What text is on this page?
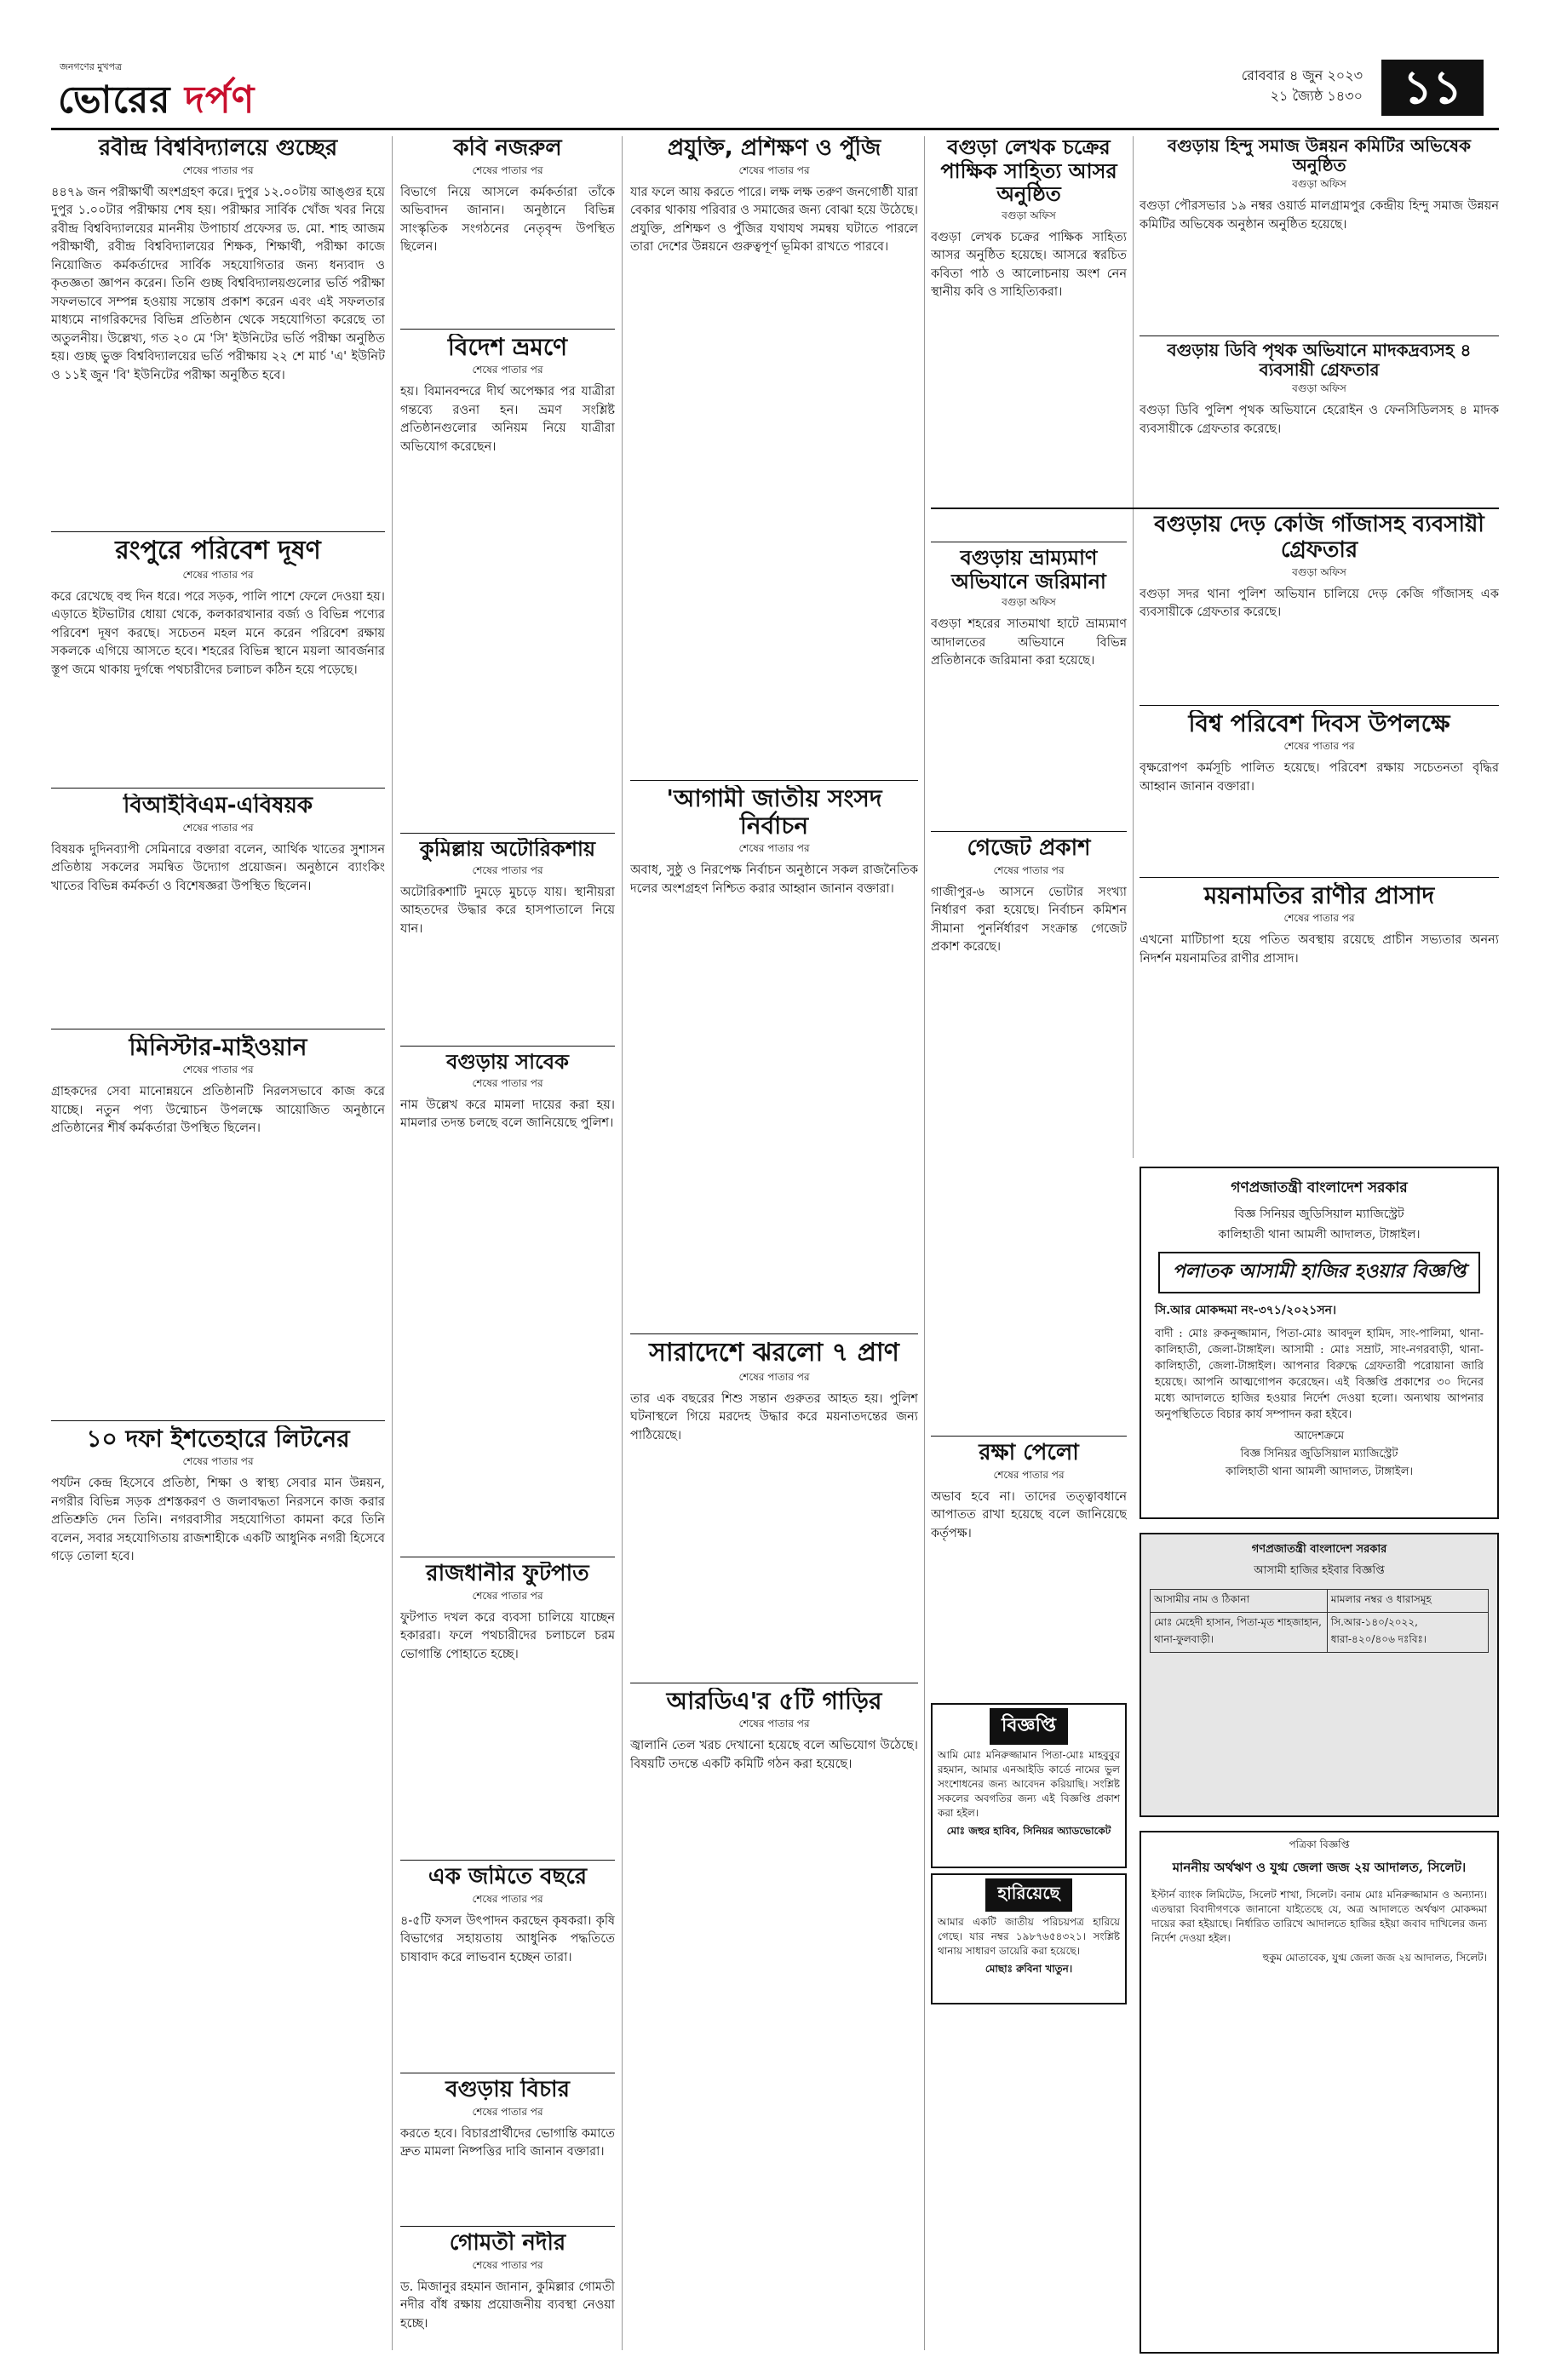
জনগণের মুখপত্র
ভোরের দর্পণ
রোববার ৪ জুন ২০২৩
২১ জ্যৈষ্ঠ ১৪৩০ ১১
রবীন্দ্র বিশ্ববিদ্যালয়ে গুচ্ছের

শেষের পাতার পর

৪৪৭৯ জন পরীক্ষার্থী অংশগ্রহণ করে। দুপুর ১২.০০টায় আঙ্গুর হয়ে দুপুর ১.০০টার পরীক্ষায় শেষ হয়। পরীক্ষার সার্বিক খোঁজ খবর নিয়ে রবীন্দ্র বিশ্ববিদ্যালয়ের মাননীয় উপাচার্য প্রফেসর ড. মো. শাহ আজম পরীক্ষার্থী, রবীন্দ্র বিশ্ববিদ্যালয়ের শিক্ষক, শিক্ষার্থী, পরীক্ষা কাজে নিয়োজিত কর্মকর্তাদের সার্বিক সহযোগিতার জন্য ধন্যবাদ ও কৃতজ্ঞতা জ্ঞাপন করেন। তিনি গুচ্ছ বিশ্ববিদ্যালয়গুলোর ভর্তি পরীক্ষা সফলভাবে সম্পন্ন হওয়ায় সন্তোষ প্রকাশ করেন এবং এই সফলতার মাধ্যমে নাগরিকদের বিভিন্ন প্রতিষ্ঠান থেকে সহযোগিতা করেছে তা অতুলনীয়। উল্লেখ্য, গত ২০ মে 'সি' ইউনিটের ভর্তি পরীক্ষা অনুষ্ঠিত হয়। গুচ্ছ ভুক্ত বিশ্ববিদ্যালয়ের ভর্তি পরীক্ষায় ২২ শে মার্চ 'এ' ইউনিট ও ১১ই জুন 'বি' ইউনিটের পরীক্ষা অনুষ্ঠিত হবে।

রংপুরে পরিবেশ দূষণ

শেষের পাতার পর

করে রেখেছে বহু দিন ধরে। পরে সড়ক, পালি পাশে ফেলে দেওয়া হয়। এড়াতে ইটভাটার ধোয়া থেকে, কলকারখানার বর্জ্য ও বিভিন্ন পণ্যের পরিবেশ দূষণ করছে। সচেতন মহল মনে করেন পরিবেশ রক্ষায় সকলকে এগিয়ে আসতে হবে। শহরের বিভিন্ন স্থানে ময়লা আবর্জনার স্তূপ জমে থাকায় দুর্গন্ধে পথচারীদের চলাচল কঠিন হয়ে পড়েছে।

বিআইবিএম-এবিষয়ক

শেষের পাতার পর

বিষয়ক দুদিনব্যাপী সেমিনারে বক্তারা বলেন, আর্থিক খাতের সুশাসন প্রতিষ্ঠায় সকলের সমন্বিত উদ্যোগ প্রয়োজন। অনুষ্ঠানে ব্যাংকিং খাতের বিভিন্ন কর্মকর্তা ও বিশেষজ্ঞরা উপস্থিত ছিলেন।

মিনিস্টার-মাইওয়ান

শেষের পাতার পর

গ্রাহকদের সেবা মানোন্নয়নে প্রতিষ্ঠানটি নিরলসভাবে কাজ করে যাচ্ছে। নতুন পণ্য উন্মোচন উপলক্ষে আয়োজিত অনুষ্ঠানে প্রতিষ্ঠানের শীর্ষ কর্মকর্তারা উপস্থিত ছিলেন।

১০ দফা ইশতেহারে লিটনের

শেষের পাতার পর

পর্যটন কেন্দ্র হিসেবে প্রতিষ্ঠা, শিক্ষা ও স্বাস্থ্য সেবার মান উন্নয়ন, নগরীর বিভিন্ন সড়ক প্রশস্তকরণ ও জলাবদ্ধতা নিরসনে কাজ করার প্রতিশ্রুতি দেন তিনি। নগরবাসীর সহযোগিতা কামনা করে তিনি বলেন, সবার সহযোগিতায় রাজশাহীকে একটি আধুনিক নগরী হিসেবে গড়ে তোলা হবে।

কবি নজরুল

শেষের পাতার পর

বিভাগে নিয়ে আসলে কর্মকর্তারা তাঁকে অভিবাদন জানান। অনুষ্ঠানে বিভিন্ন সাংস্কৃতিক সংগঠনের নেতৃবৃন্দ উপস্থিত ছিলেন।

বিদেশ ভ্রমণে

শেষের পাতার পর

হয়। বিমানবন্দরে দীর্ঘ অপেক্ষার পর যাত্রীরা গন্তব্যে রওনা হন। ভ্রমণ সংশ্লিষ্ট প্রতিষ্ঠানগুলোর অনিয়ম নিয়ে যাত্রীরা অভিযোগ করেছেন।

কুমিল্লায় অটোরিকশায়

শেষের পাতার পর

অটোরিকশাটি দুমড়ে মুচড়ে যায়। স্থানীয়রা আহতদের উদ্ধার করে হাসপাতালে নিয়ে যান।

বগুড়ায় সাবেক

শেষের পাতার পর

নাম উল্লেখ করে মামলা দায়ের করা হয়। মামলার তদন্ত চলছে বলে জানিয়েছে পুলিশ।

রাজধানীর ফুটপাত

শেষের পাতার পর

ফুটপাত দখল করে ব্যবসা চালিয়ে যাচ্ছেন হকাররা। ফলে পথচারীদের চলাচলে চরম ভোগান্তি পোহাতে হচ্ছে।

এক জমিতে বছরে

শেষের পাতার পর

৪-৫টি ফসল উৎপাদন করছেন কৃষকরা। কৃষি বিভাগের সহায়তায় আধুনিক পদ্ধতিতে চাষাবাদ করে লাভবান হচ্ছেন তারা।

বগুড়ায় বিচার

শেষের পাতার পর

করতে হবে। বিচারপ্রার্থীদের ভোগান্তি কমাতে দ্রুত মামলা নিষ্পত্তির দাবি জানান বক্তারা।

গোমতী নদীর

শেষের পাতার পর

ড. মিজানুর রহমান জানান, কুমিল্লার গোমতী নদীর বাঁধ রক্ষায় প্রয়োজনীয় ব্যবস্থা নেওয়া হচ্ছে।

প্রযুক্তি, প্রশিক্ষণ ও পুঁজি

শেষের পাতার পর

যার ফলে আয় করতে পারে। লক্ষ লক্ষ তরুণ জনগোষ্ঠী যারা বেকার থাকায় পরিবার ও সমাজের জন্য বোঝা হয়ে উঠেছে। প্রযুক্তি, প্রশিক্ষণ ও পুঁজির যথাযথ সমন্বয় ঘটাতে পারলে তারা দেশের উন্নয়নে গুরুত্বপূর্ণ ভূমিকা রাখতে পারবে।

'আগামী জাতীয় সংসদ নির্বাচন

শেষের পাতার পর

অবাধ, সুষ্ঠু ও নিরপেক্ষ নির্বাচন অনুষ্ঠানে সকল রাজনৈতিক দলের অংশগ্রহণ নিশ্চিত করার আহ্বান জানান বক্তারা।

সারাদেশে ঝরলো ৭ প্রাণ

শেষের পাতার পর

তার এক বছরের শিশু সন্তান গুরুতর আহত হয়। পুলিশ ঘটনাস্থলে গিয়ে মরদেহ উদ্ধার করে ময়নাতদন্তের জন্য পাঠিয়েছে।

আরডিএ'র ৫টি গাড়ির

শেষের পাতার পর

জ্বালানি তেল খরচ দেখানো হয়েছে বলে অভিযোগ উঠেছে। বিষয়টি তদন্তে একটি কমিটি গঠন করা হয়েছে।

বগুড়া লেখক চক্রের পাক্ষিক সাহিত্য আসর অনুষ্ঠিত

বগুড়া অফিস

বগুড়া লেখক চক্রের পাক্ষিক সাহিত্য আসর অনুষ্ঠিত হয়েছে। আসরে স্বরচিত কবিতা পাঠ ও আলোচনায় অংশ নেন স্থানীয় কবি ও সাহিত্যিকরা।

বগুড়ায় ভ্রাম্যমাণ অভিযানে জরিমানা

বগুড়া অফিস

বগুড়া শহরের সাতমাথা হাটে ভ্রাম্যমাণ আদালতের অভিযানে বিভিন্ন প্রতিষ্ঠানকে জরিমানা করা হয়েছে।

গেজেট প্রকাশ

শেষের পাতার পর

গাজীপুর-৬ আসনে ভোটার সংখ্যা নির্ধারণ করা হয়েছে। নির্বাচন কমিশন সীমানা পুনর্নির্ধারণ সংক্রান্ত গেজেট প্রকাশ করেছে।

রক্ষা পেলো

শেষের পাতার পর

অভাব হবে না। তাদের তত্ত্বাবধানে আপাতত রাখা হয়েছে বলে জানিয়েছে কর্তৃপক্ষ।

বিজ্ঞপ্তি

আমি মোঃ মনিরুজ্জামান পিতা-মোঃ মাহবুবুর রহমান, আমার এনআইডি কার্ডে নামের ভুল সংশোধনের জন্য আবেদন করিয়াছি। সংশ্লিষ্ট সকলের অবগতির জন্য এই বিজ্ঞপ্তি প্রকাশ করা হইল।

মোঃ জহুর হাবিব, সিনিয়র অ্যাডভোকেট

হারিয়েছে

আমার একটি জাতীয় পরিচয়পত্র হারিয়ে গেছে। যার নম্বর ১৯৮৭৬৫৪৩২১। সংশ্লিষ্ট থানায় সাধারণ ডায়েরি করা হয়েছে।

মোছাঃ রুবিনা খাতুন।

বগুড়ায় হিন্দু সমাজ উন্নয়ন কমিটির অভিষেক অনুষ্ঠিত

বগুড়া অফিস

বগুড়া পৌরসভার ১৯ নম্বর ওয়ার্ড মালগ্রামপুর কেন্দ্রীয় হিন্দু সমাজ উন্নয়ন কমিটির অভিষেক অনুষ্ঠান অনুষ্ঠিত হয়েছে।

বগুড়ায় ডিবি পৃথক অভিযানে মাদকদ্রব্যসহ ৪ ব্যবসায়ী গ্রেফতার

বগুড়া অফিস

বগুড়া ডিবি পুলিশ পৃথক অভিযানে হেরোইন ও ফেনসিডিলসহ ৪ মাদক ব্যবসায়ীকে গ্রেফতার করেছে।

বগুড়ায় দেড় কেজি গাঁজাসহ ব্যবসায়ী গ্রেফতার

বগুড়া অফিস

বগুড়া সদর থানা পুলিশ অভিযান চালিয়ে দেড় কেজি গাঁজাসহ এক ব্যবসায়ীকে গ্রেফতার করেছে।

বিশ্ব পরিবেশ দিবস উপলক্ষে

শেষের পাতার পর

বৃক্ষরোপণ কর্মসূচি পালিত হয়েছে। পরিবেশ রক্ষায় সচেতনতা বৃদ্ধির আহ্বান জানান বক্তারা।

ময়নামতির রাণীর প্রাসাদ

শেষের পাতার পর

এখনো মাটিচাপা হয়ে পতিত অবস্থায় রয়েছে প্রাচীন সভ্যতার অনন্য নিদর্শন ময়নামতির রাণীর প্রাসাদ।

গণপ্রজাতন্ত্রী বাংলাদেশ সরকার
বিজ্ঞ সিনিয়র জুডিসিয়াল ম্যাজিস্ট্রেট
কালিহাতী থানা আমলী আদালত, টাঙ্গাইল।
পলাতক আসামী হাজির হওয়ার বিজ্ঞপ্তি
সি.আর মোকদ্দমা নং-৩৭১/২০২১সন।

বাদী : মোঃ রুকনুজ্জামান, পিতা-মোঃ আবদুল হামিদ, সাং-পালিমা, থানা-কালিহাতী, জেলা-টাঙ্গাইল। আসামী : মোঃ সম্রাট, সাং-নগরবাড়ী, থানা-কালিহাতী, জেলা-টাঙ্গাইল। আপনার বিরুদ্ধে গ্রেফতারী পরোয়ানা জারি হয়েছে। আপনি আত্মগোপন করেছেন। এই বিজ্ঞপ্তি প্রকাশের ৩০ দিনের মধ্যে আদালতে হাজির হওয়ার নির্দেশ দেওয়া হলো। অন্যথায় আপনার অনুপস্থিতিতে বিচার কার্য সম্পাদন করা হইবে।

আদেশক্রমে
বিজ্ঞ সিনিয়র জুডিসিয়াল ম্যাজিস্ট্রেট
কালিহাতী থানা আমলী আদালত, টাঙ্গাইল।
গণপ্রজাতন্ত্রী বাংলাদেশ সরকার
আসামী হাজির হইবার বিজ্ঞপ্তি
আসামীর নাম ও ঠিকানা	মামলার নম্বর ও ধারাসমূহ
মোঃ মেহেদী হাসান, পিতা-মৃত শাহজাহান, থানা-ফুলবাড়ী।	সি.আর-১৪০/২০২২, ধারা-৪২০/৪০৬ দঃবিঃ।
পত্রিকা বিজ্ঞপ্তি
মাননীয় অর্থঋণ ও যুগ্ম জেলা জজ ২য় আদালত, সিলেট।

ইস্টার্ন ব্যাংক লিমিটেড, সিলেট শাখা, সিলেট। বনাম মোঃ মনিরুজ্জামান ও অন্যান্য। এতদ্বারা বিবাদীগণকে জানানো যাইতেছে যে, অত্র আদালতে অর্থঋণ মোকদ্দমা দায়ের করা হইয়াছে। নির্ধারিত তারিখে আদালতে হাজির হইয়া জবাব দাখিলের জন্য নির্দেশ দেওয়া হইল।

হুকুম মোতাবেক, যুগ্ম জেলা জজ ২য় আদালত, সিলেট।
